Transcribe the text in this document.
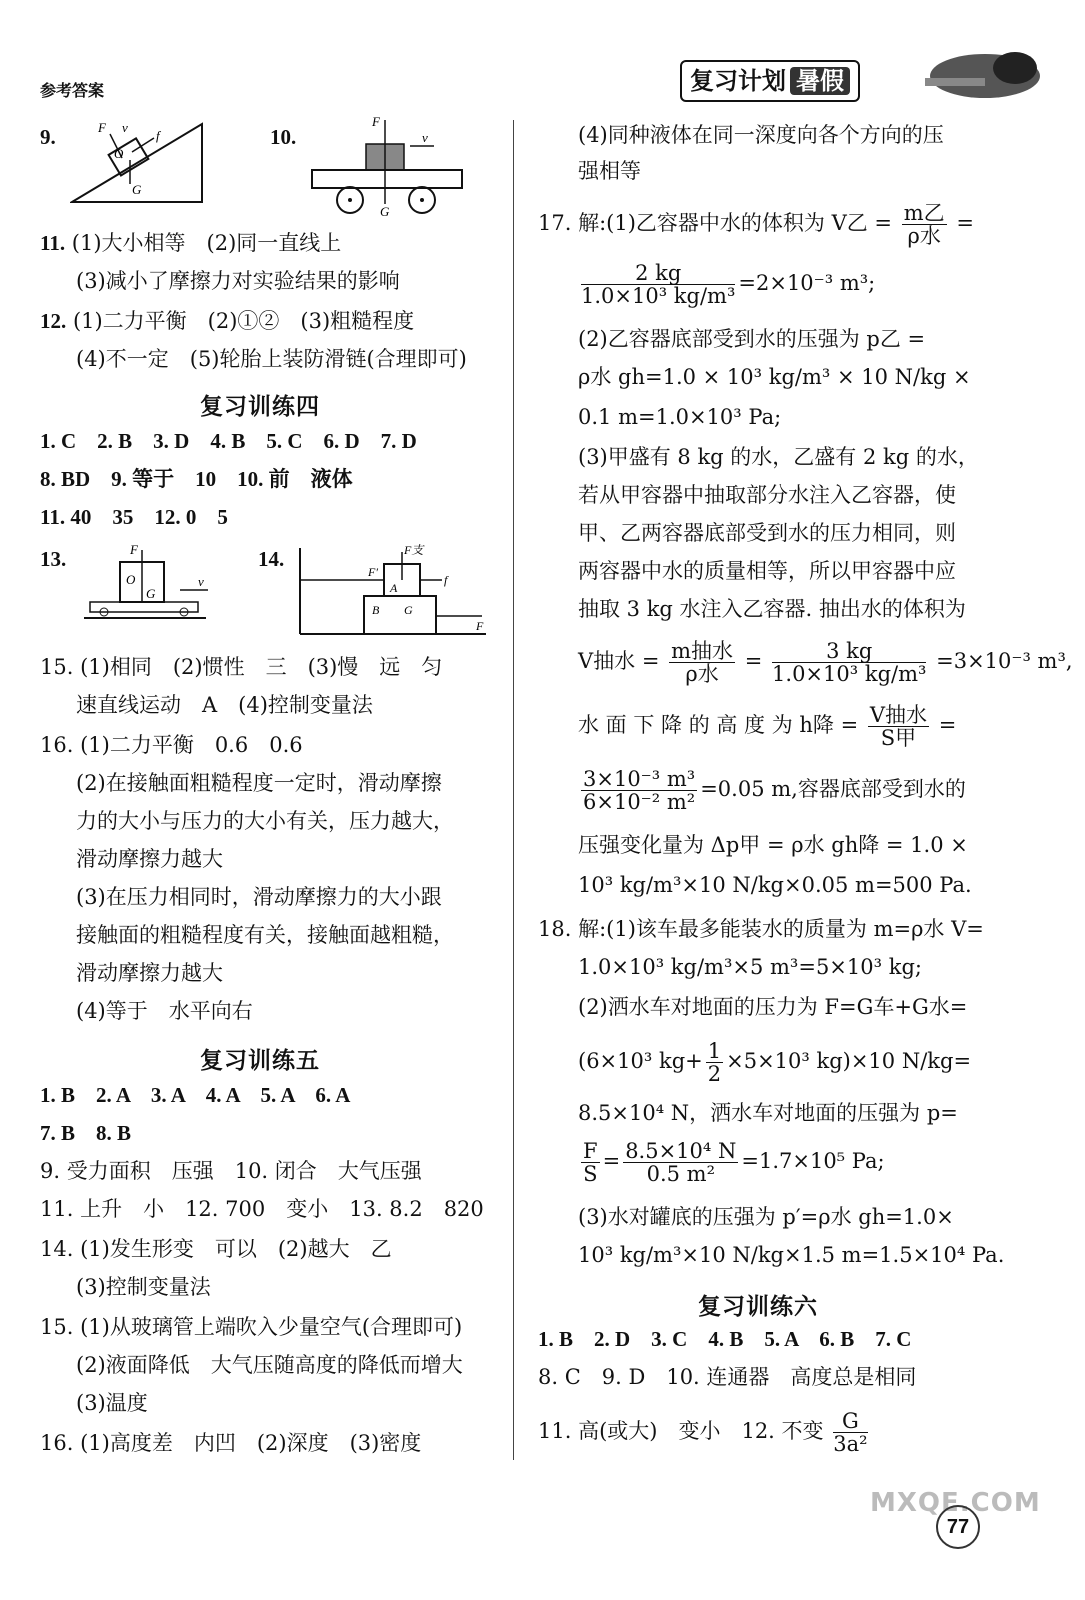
参考答案	复习计划 暑假
9.	F v
f
O
G
10.
F
v
G
11. (1)大小相等　(2)同一直线上
(3)减小了摩擦力对实验结果的影响
12. (1)二力平衡　(2)①②　(3)粗糙程度
(4)不一定　(5)轮胎上装防滑链(合理即可)
复习训练四
1. C　2. B　3. D　4. B　5. C　6. D　7. D
8. BD　9. 等于　10　10. 前　液体
11. 40　35　12. 0　5
13.	F
O
G
v
14.	F支
F′
f
A
B G
F
15. (1)相同　(2)惯性　三　(3)慢　远　匀
速直线运动　A　(4)控制变量法
16. (1)二力平衡　0.6　0.6
(2)在接触面粗糙程度一定时，滑动摩擦
力的大小与压力的大小有关，压力越大，
滑动摩擦力越大
(3)在压力相同时，滑动摩擦力的大小跟
接触面的粗糙程度有关，接触面越粗糙，
滑动摩擦力越大
(4)等于　水平向右
复习训练五
1. B　2. A　3. A　4. A　5. A　6. A
7. B　8. B
9. 受力面积　压强　10. 闭合　大气压强
11. 上升　小　12. 700　变小　13. 8.2　820
14. (1)发生形变　可以　(2)越大　乙
(3)控制变量法
15. (1)从玻璃管上端吹入少量空气(合理即可)
(2)液面降低　大气压随高度的降低而增大
(3)温度
16. (1)高度差　内凹　(2)深度　(3)密度
(4)同种液体在同一深度向各个方向的压
强相等
17. 解:(1)乙容器中水的体积为 V乙 = $\frac{\text{m乙}}{\text{ρ水}}$ =
$\frac{2 kg}{\text{1.0×10³ kg/m³}} =2\times 10^{-3}$ m³;
(2)乙容器底部受到水的压强为 p乙 =
ρ水 gh=1.0 × 10³ kg/m³ × 10 N/kg ×
0.1 m=1.0×10³ Pa;
(3)甲盛有 8 kg 的水，乙盛有 2 kg 的水，
若从甲容器中抽取部分水注入乙容器，使
甲、乙两容器底部受到水的压力相同，则
两容器中水的质量相等，所以甲容器中应
抽取 3 kg 水注入乙容器. 抽出水的体积为
V抽水 = $\frac{\text{m抽水}}{\text{ρ水}} = \frac{3 kg}{\text{1.0×10³ kg/m³}} =3\times 10^{-3}$ m³,
水 面 下 降 的 高 度 为 h降 = $\frac{\text{V抽水}}{\text{S甲}}$ =
$\frac{\text{3×10⁻³ m³}}{\text{6×10⁻² m²}} =0.05$ m,容器底部受到水的
压强变化量为 Δp甲 = ρ水 gh降 = 1.0 ×
10³ kg/m³×10 N/kg×0.05 m=500 Pa.
18. 解:(1)该车最多能装水的质量为 m=ρ水 V=
1.0×10³ kg/m³×5 m³=5×10³ kg;
(2)洒水车对地面的压力为 F=G车+G水=
(6×10³ $kg+ \frac{1}{2} \times 5\times 10^3$ kg)×10 N/kg=
8.5×10⁴ N，洒水车对地面的压强为 p=
$\frac{F}{S} = \frac{\text{8.5×10⁴ N}}{\text{0.5 m²}} =1.7\times 10^5$ Pa;
(3)水对罐底的压强为 p′=ρ水 gh=1.0×
10³ kg/m³×10 N/kg×1.5 m=1.5×10⁴ Pa.
复习训练六
1. B　2. D　3. C　4. B　5. A　6. B　7. C
8. C　9. D　10. 连通器　高度总是相同
11. 高(或大)　变小　12. 不变 $\frac{G}{\text{3a²}}$
MXQE.COM
77
